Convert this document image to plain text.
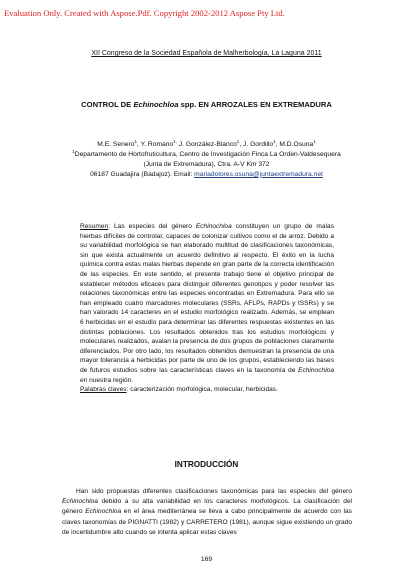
Evaluation Only. Created with Aspose.Pdf. Copyright 2002-2012 Aspose Pty Ltd.
XII Congreso de la Sociedad Española de Malherbología, La Laguna 2011
CONTROL DE Echinochloa spp. EN ARROZALES EN EXTREMADURA
M.E. Senero$^1$, Y. Romano$^{1,}$ J. González-Blanco$^1$, J. Gordillo$^1$, M.D.Osuna$^1$
$^1$Departamento de Hortofruticultura, Centro de Investigación Finca La Orden-Valdesequera
(Junta de Extremadura), Ctra. A-V Km 372
06187 Guadajira (Badajoz). Email: mariadolores.osuna@juntaextremadura.net
Resumen: Las especies del género Echinochloa constituyen un grupo de malas hierbas difíciles de controlar, capaces de colonizar cultivos como el de arroz. Debido a su variabilidad morfológica se han elaborado multitud de clasificaciones taxonómicas, sin que exista actualmente un acuerdo definitivo al respecto. El éxito en la lucha química contra estas malas hierbas depende en gran parte de la correcta identificación de las especies. En este sentido, el presente trabajo tiene el objetivo principal de establecer métodos eficaces para distinguir diferentes genotipos y poder resolver las relaciones taxonómicas entre las especies encontradas en Extremadura. Para ello se han empleado cuatro marcadores moleculares (SSRs, AFLPs, RAPDs y ISSRs) y se han valorado 14 caracteres en el estudio morfológico realizado. Además, se emplean 6 herbicidas en el estudio para determinar las diferentes respuestas existentes en las distintas poblaciones. Los resultados obtenidos tras los estudios morfológicos y moleculares realizados, avalan la presencia de dos grupos de poblaciones claramente diferenciados. Por otro lado, los resultados obtenidos demuestran la presencia de una mayor tolerancia a herbicidas por parte de uno de los grupos, estableciendo las bases de futuros estudios sobre las características claves en la taxonomía de Echinochloa en nuestra región.
Palabras claves: caracterización morfológica, molecular, herbicidas.
INTRODUCCIÓN
Han sido propuestas diferentes clasificaciones taxonómicas para las especies del género Echinochloa debido a su alta variabilidad en los caracteres morfológicos. La clasificación del género Echinochloa en el área mediterránea se lleva a cabo principalmente de acuerdo con las claves taxonomías de PIGNATTI (1982) y CARRETERO (1981), aunque sigue existiendo un grado de incertidumbre alto cuando se intenta aplicar estas claves
169
